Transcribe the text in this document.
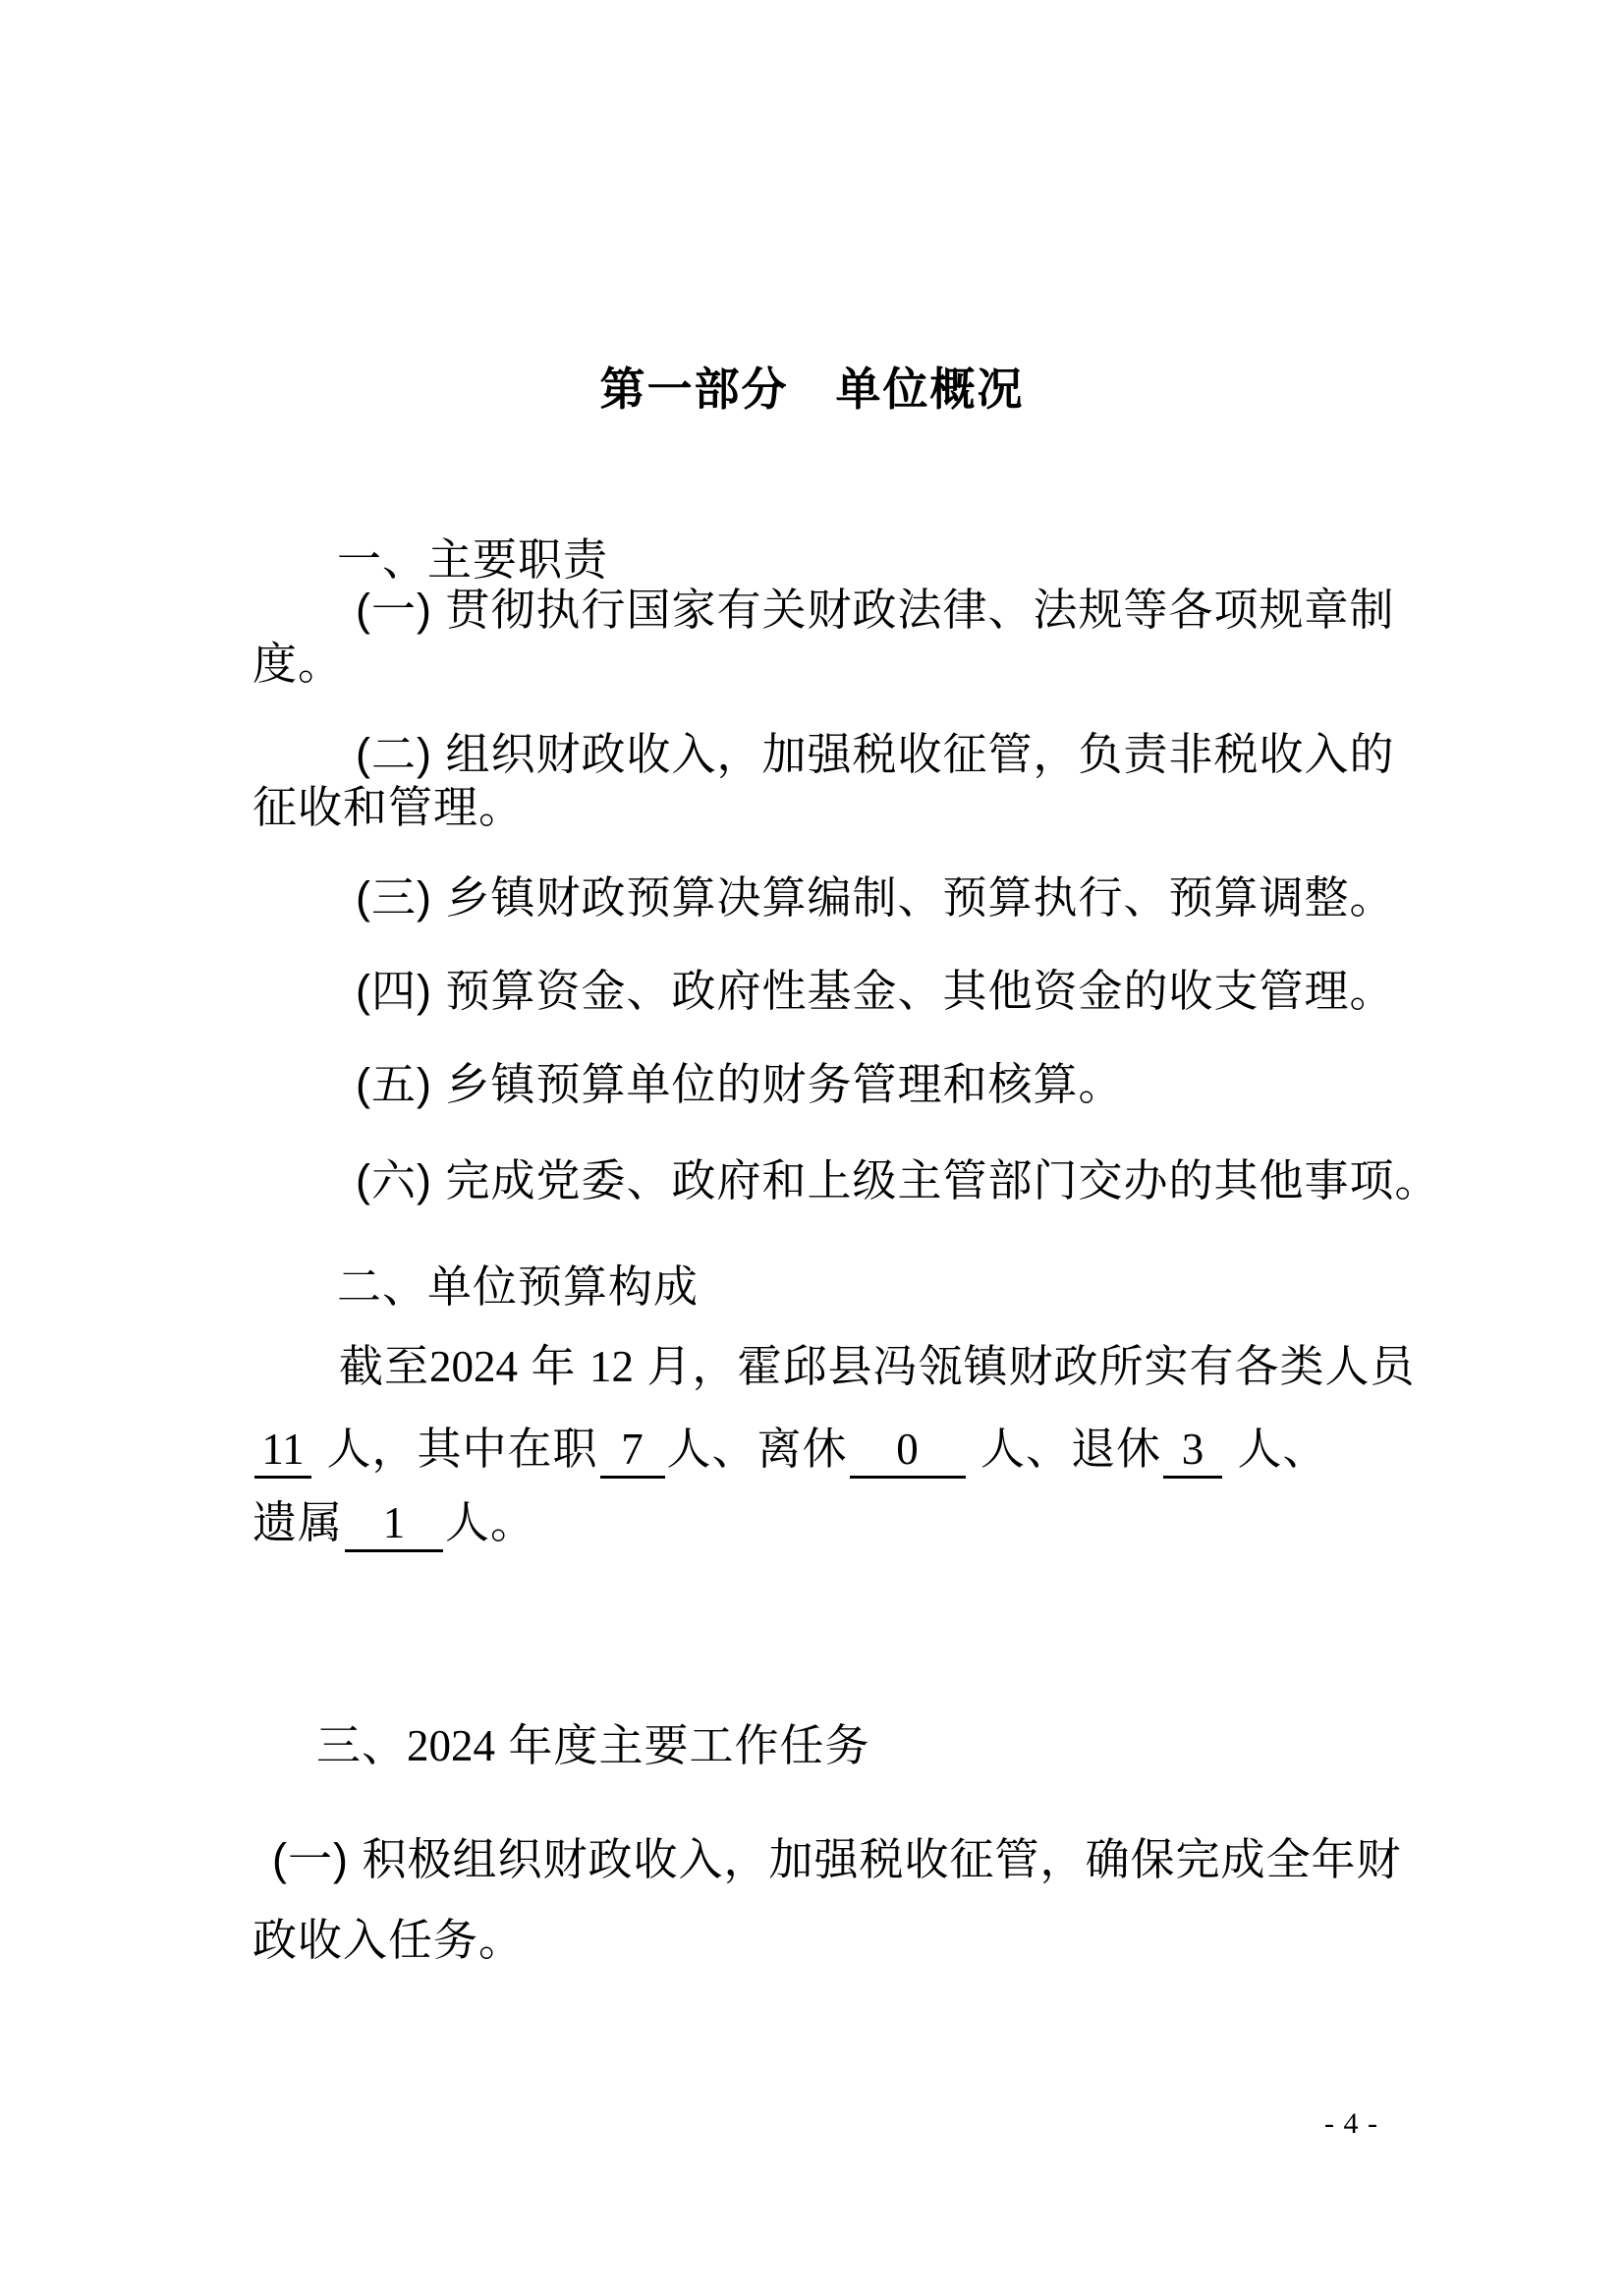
第一部分　单位概况
一、主要职责
(一) 贯彻执行国家有关财政法律、法规等各项规章制
度。
(二) 组织财政收入，加强税收征管，负责非税收入的
征收和管理。
(三) 乡镇财政预算决算编制、预算执行、预算调整。
(四) 预算资金、政府性基金、其他资金的收支管理。
(五) 乡镇预算单位的财务管理和核算。
(六) 完成党委、政府和上级主管部门交办的其他事项。
二、单位预算构成
截至2024 年 12 月，霍邱县冯瓴镇财政所实有各类人员
11 人，其中在职 7 人、离休 0 人、退休 3 人、
遗属 1 人。
三、2024 年度主要工作任务
(一) 积极组织财政收入，加强税收征管，确保完成全年财
政收入任务。
- 4 -
